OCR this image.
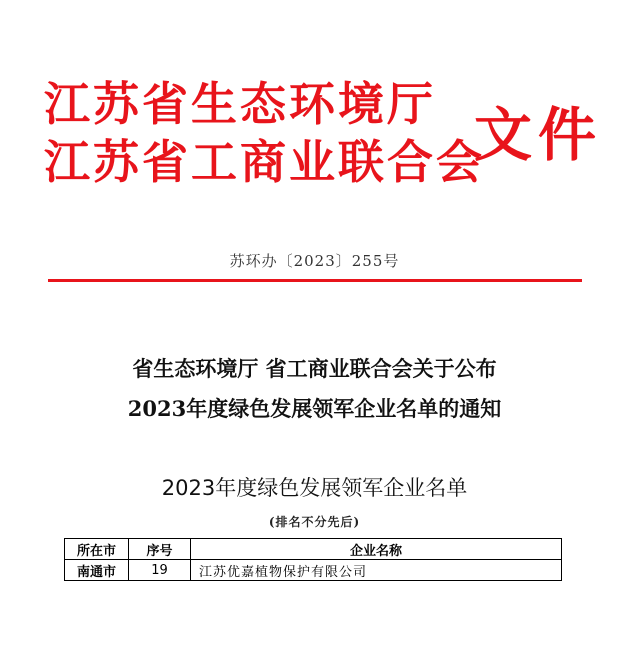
江苏省生态环境厅
江苏省工商业联合会
文件
苏环办〔2023〕255号
省生态环境厅 省工商业联合会关于公布
2023年度绿色发展领军企业名单的通知
2023年度绿色发展领军企业名单
(排名不分先后)
所在市	序号	企业名称
南通市	19	江苏优嘉植物保护有限公司
